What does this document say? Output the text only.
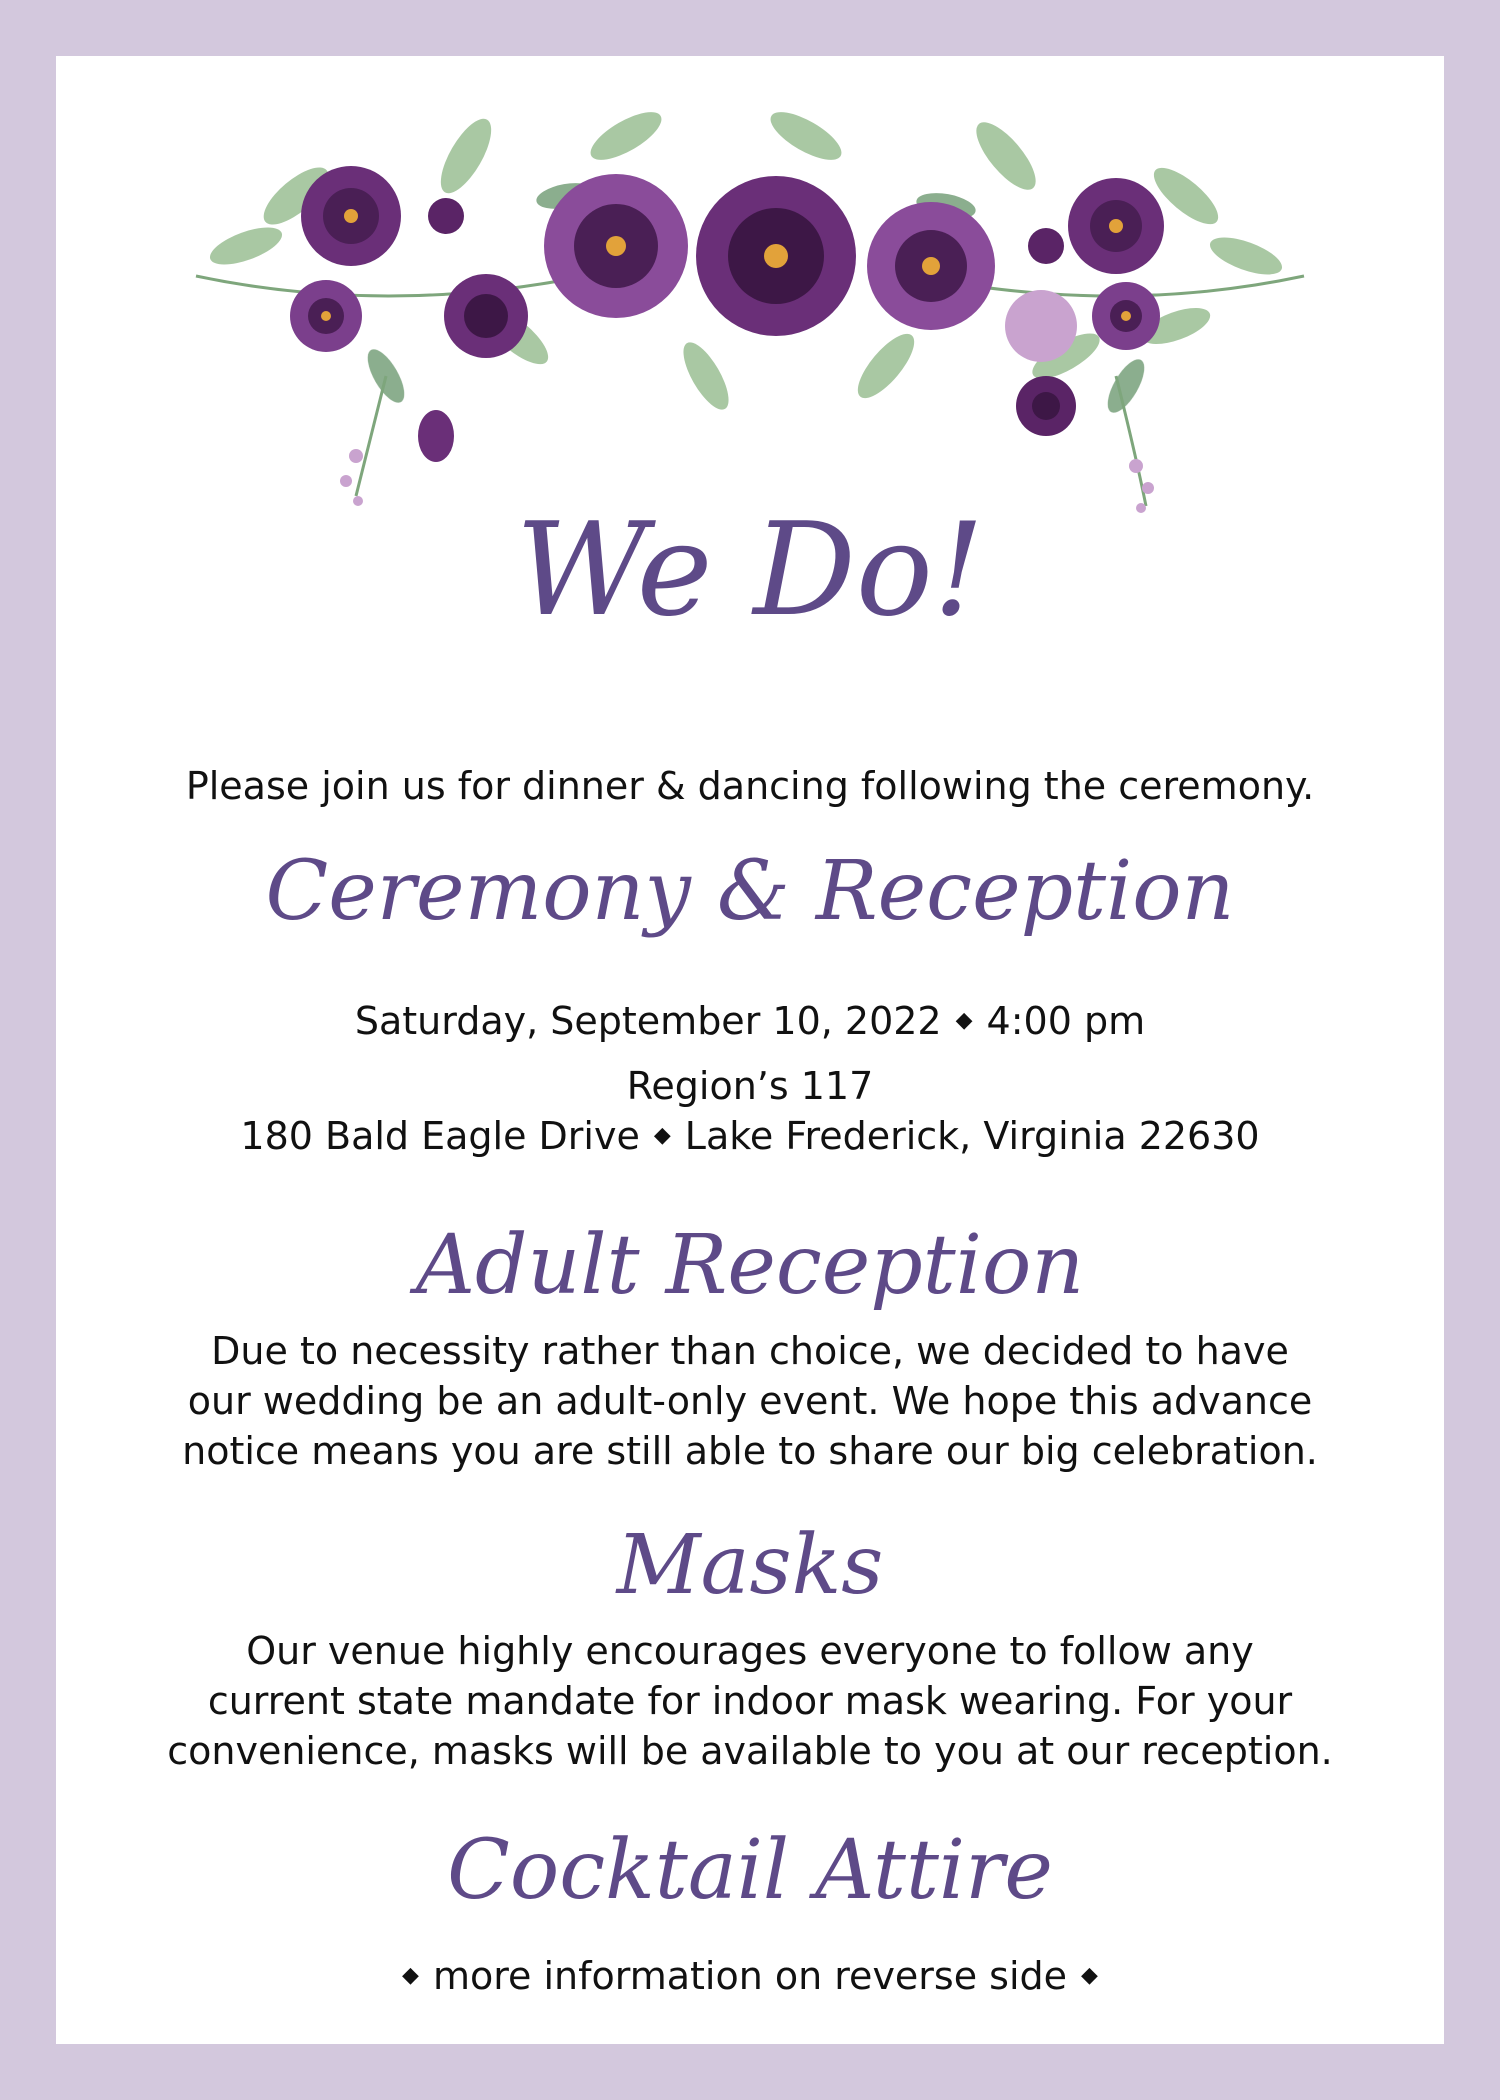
We Do!
Please join us for dinner & dancing following the ceremony.
Ceremony & Reception
Saturday, September 10, 2022 ◆ 4:00 pm
Region’s 117
180 Bald Eagle Drive ◆ Lake Frederick, Virginia 22630
Adult Reception
Due to necessity rather than choice, we decided to have
our wedding be an adult-only event. We hope this advance
notice means you are still able to share our big celebration.
Masks
Our venue highly encourages everyone to follow any
current state mandate for indoor mask wearing. For your
convenience, masks will be available to you at our reception.
Cocktail Attire
◆ more information on reverse side ◆
